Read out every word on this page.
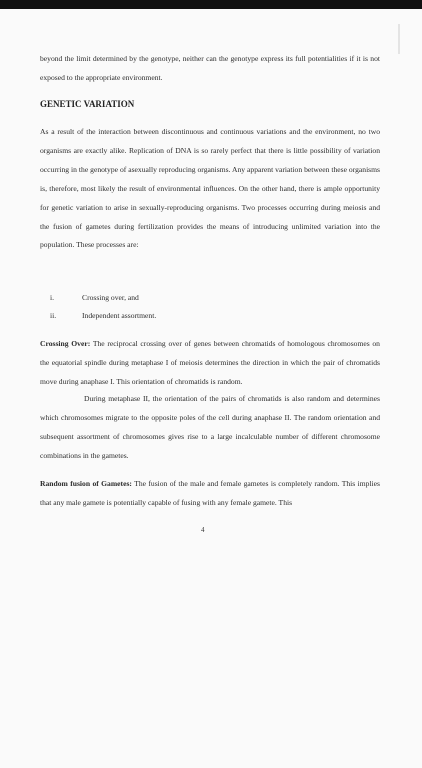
beyond the limit determined by the genotype, neither can the genotype express its full potentialities if it is not exposed to the appropriate environment.

GENETIC VARIATION

As a result of the interaction between discontinuous and continuous variations and the environment, no two organisms are exactly alike. Replication of DNA is so rarely perfect that there is little possibility of variation occurring in the genotype of asexually reproducing organisms. Any apparent variation between these organisms is, therefore, most likely the result of environmental influences. On the other hand, there is ample opportunity for genetic variation to arise in sexually-reproducing organisms. Two processes occurring during meiosis and the fusion of gametes during fertilization provides the means of introducing unlimited variation into the population. These processes are:

i.	Crossing over, and
ii.	Independent assortment.

Crossing Over: The reciprocal crossing over of genes between chromatids of homologous chromosomes on the equatorial spindle during metaphase I of meiosis determines the direction in which the pair of chromatids move during anaphase I. This orientation of chromatids is random.

During metaphase II, the orientation of the pairs of chromatids is also random and determines which chromosomes migrate to the opposite poles of the cell during anaphase II. The random orientation and subsequent assortment of chromosomes gives rise to a large incalculable number of different chromosome combinations in the gametes.

Random fusion of Gametes: The fusion of the male and female gametes is completely random. This implies that any male gamete is potentially capable of fusing with any female gamete. This

4
